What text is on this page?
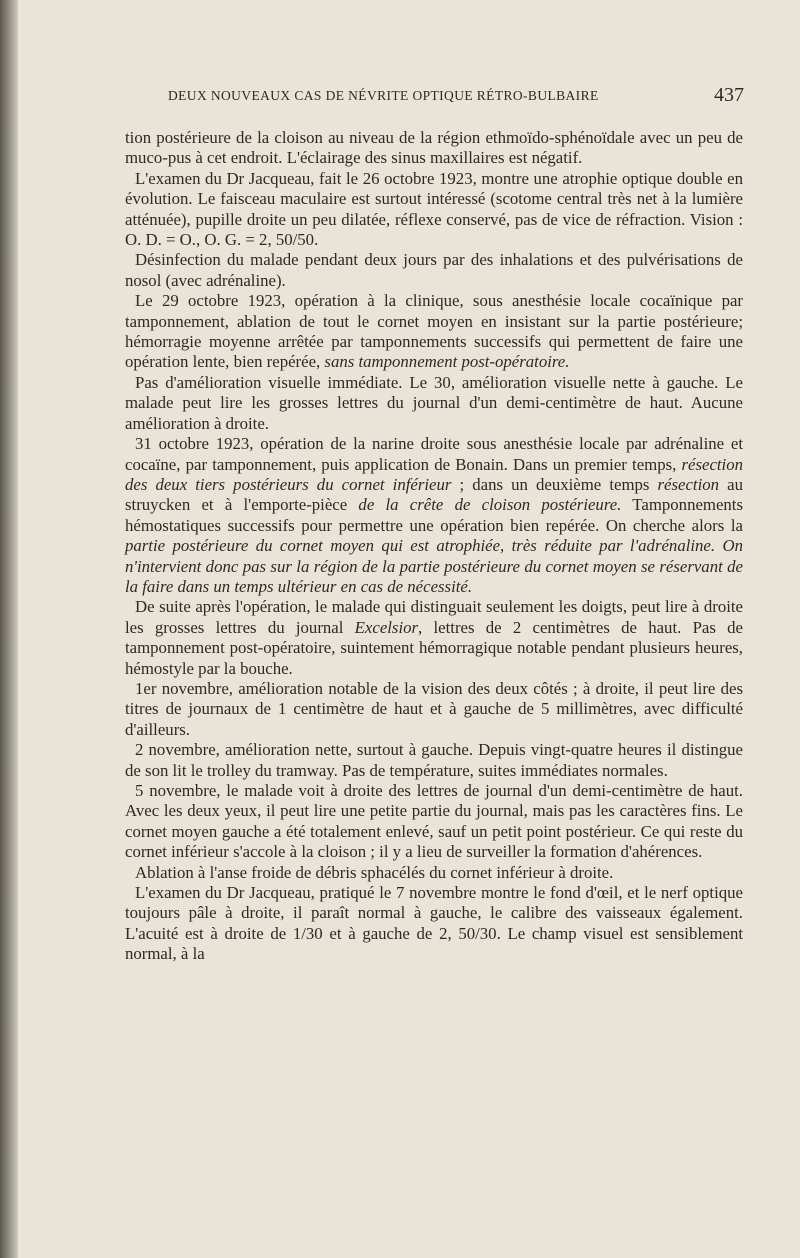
DEUX NOUVEAUX CAS DE NÉVRITE OPTIQUE RÉTRO-BULBAIRE	437

tion postérieure de la cloison au niveau de la région ethmoïdo-sphénoïdale avec un peu de muco-pus à cet endroit. L'éclairage des sinus maxillaires est négatif.

L'examen du Dr Jacqueau, fait le 26 octobre 1923, montre une atrophie optique double en évolution. Le faisceau maculaire est surtout intéressé (scotome central très net à la lumière atténuée), pupille droite un peu dilatée, réflexe conservé, pas de vice de réfraction. Vision : O. D. = O., O. G. = 2, 50/50.

Désinfection du malade pendant deux jours par des inhalations et des pulvérisations de nosol (avec adrénaline).

Le 29 octobre 1923, opération à la clinique, sous anesthésie locale cocaïnique par tamponnement, ablation de tout le cornet moyen en insistant sur la partie postérieure; hémorragie moyenne arrêtée par tamponnements successifs qui permettent de faire une opération lente, bien repérée, sans tamponnement post-opératoire.

Pas d'amélioration visuelle immédiate. Le 30, amélioration visuelle nette à gauche. Le malade peut lire les grosses lettres du journal d'un demi-centimètre de haut. Aucune amélioration à droite.

31 octobre 1923, opération de la narine droite sous anesthésie locale par adrénaline et cocaïne, par tamponnement, puis application de Bonain. Dans un premier temps, résection des deux tiers postérieurs du cornet inférieur ; dans un deuxième temps résection au struycken et à l'emporte-pièce de la crête de cloison postérieure. Tamponnements hémostatiques successifs pour permettre une opération bien repérée. On cherche alors la partie postérieure du cornet moyen qui est atrophiée, très réduite par l'adrénaline. On n'intervient donc pas sur la région de la partie postérieure du cornet moyen se réservant de la faire dans un temps ultérieur en cas de nécessité.

De suite après l'opération, le malade qui distinguait seulement les doigts, peut lire à droite les grosses lettres du journal Excelsior, lettres de 2 centimètres de haut. Pas de tamponnement post-opératoire, suintement hémorragique notable pendant plusieurs heures, hémostyle par la bouche.

1er novembre, amélioration notable de la vision des deux côtés ; à droite, il peut lire des titres de journaux de 1 centimètre de haut et à gauche de 5 millimètres, avec difficulté d'ailleurs.

2 novembre, amélioration nette, surtout à gauche. Depuis vingt-quatre heures il distingue de son lit le trolley du tramway. Pas de température, suites immédiates normales.

5 novembre, le malade voit à droite des lettres de journal d'un demi-centimètre de haut. Avec les deux yeux, il peut lire une petite partie du journal, mais pas les caractères fins. Le cornet moyen gauche a été totalement enlevé, sauf un petit point postérieur. Ce qui reste du cornet inférieur s'accole à la cloison ; il y a lieu de surveiller la formation d'ahérences.

Ablation à l'anse froide de débris sphacélés du cornet inférieur à droite.

L'examen du Dr Jacqueau, pratiqué le 7 novembre montre le fond d'œil, et le nerf optique toujours pâle à droite, il paraît normal à gauche, le calibre des vaisseaux également. L'acuité est à droite de 1/30 et à gauche de 2, 50/30. Le champ visuel est sensiblement normal, à la
